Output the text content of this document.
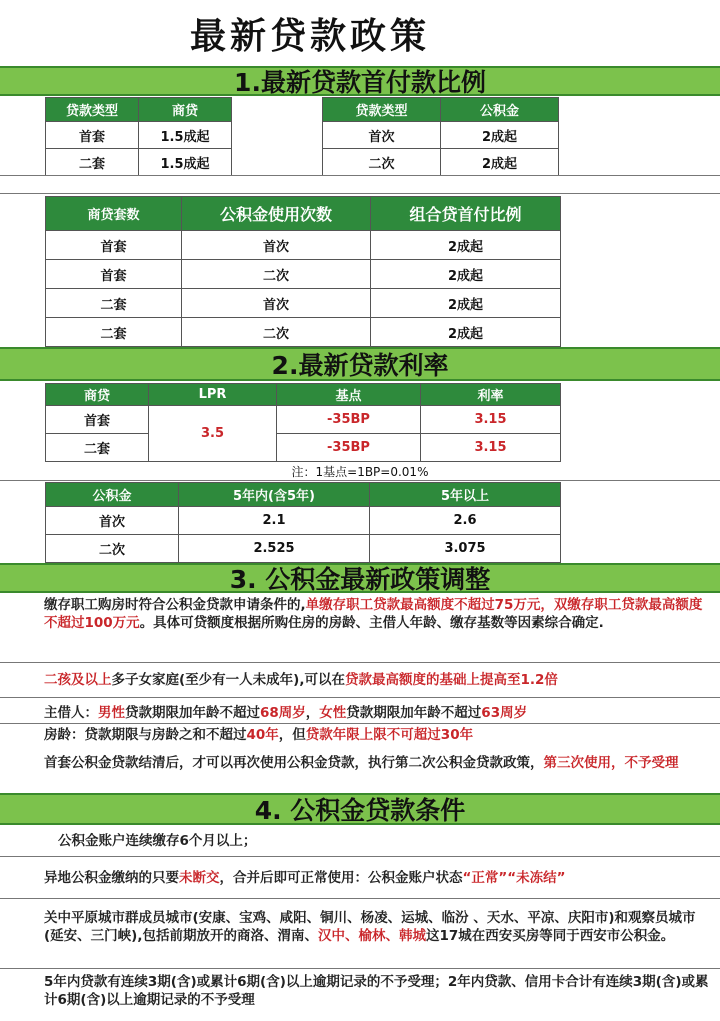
最新贷款政策
1.最新贷款首付款比例
贷款类型	商贷
首套	1.5成起
二套	1.5成起
贷款类型	公积金
首次	2成起
二次	2成起
商贷套数	公积金使用次数	组合贷首付比例
首套	首次	2成起
首套	二次	2成起
二套	首次	2成起
二套	二次	2成起
2.最新贷款利率
商贷	LPR	基点	利率
首套	3.5	-35BP	3.15
二套		-35BP	3.15
注：1基点=1BP=0.01%
公积金	5年内(含5年)	5年以上
首次	2.1	2.6
二次	2.525	3.075
3. 公积金最新政策调整
缴存职工购房时符合公积金贷款申请条件的,单缴存职工贷款最高额度不超过75万元，双缴存职工贷款最高额度不超过100万元。具体可贷额度根据所购住房的房龄、主借人年龄、缴存基数等因素综合确定.
二孩及以上多子女家庭(至少有一人未成年),可以在贷款最高额度的基础上提高至1.2倍
主借人：男性贷款期限加年龄不超过68周岁，女性贷款期限加年龄不超过63周岁
房龄：贷款期限与房龄之和不超过40年，但贷款年限上限不可超过30年
首套公积金贷款结清后，才可以再次使用公积金贷款，执行第二次公积金贷款政策，第三次使用，不予受理
4. 公积金贷款条件
公积金账户连续缴存6个月以上；
异地公积金缴纳的只要未断交，合并后即可正常使用：公积金账户状态“正常”“未冻结”
关中平原城市群成员城市(安康、宝鸡、咸阳、铜川、杨凌、运城、临汾 、天水、平凉、庆阳市)和观察员城市(延安、三门峡),包括前期放开的商洛、渭南、汉中、榆林、韩城这17城在西安买房等同于西安市公积金。
5年内贷款有连续3期(含)或累计6期(含)以上逾期记录的不予受理；2年内贷款、信用卡合计有连续3期(含)或累计6期(含)以上逾期记录的不予受理
